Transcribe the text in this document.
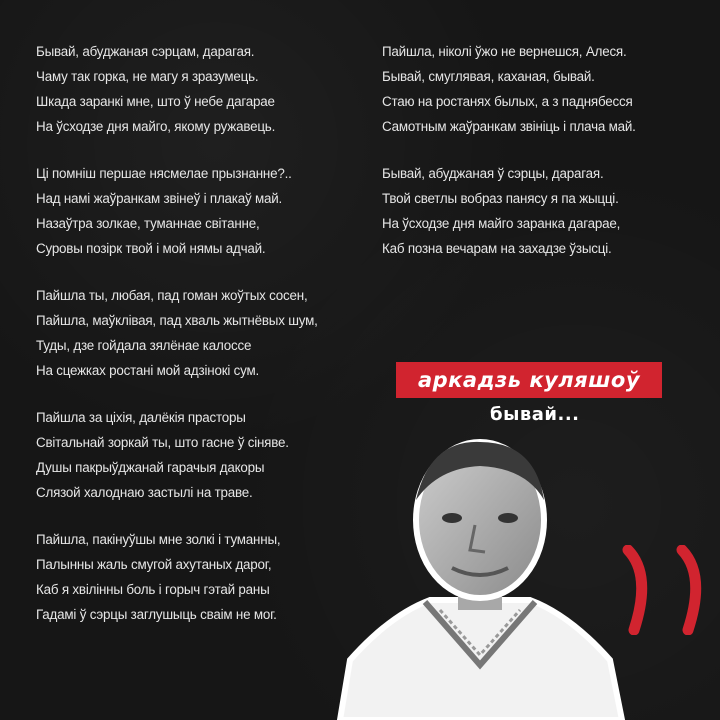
Бывай, абуджаная сэрцам, дарагая.
Чаму так горка, не магу я зразумець.
Шкада заранкі мне, што ў небе дагарае
На ўсходзе дня майго, якому ружавець.
Ці помніш першае нясмелае прызнанне?..
Над намі жаўранкам звінеў і плакаў май.
Назаўтра золкае, туманнае світанне,
Суровы позірк твой і мой нямы адчай.
Пайшла ты, любая, пад гоман жоўтых сосен,
Пайшла, маўклівая, пад хваль жытнёвых шум,
Туды, дзе гойдала зялёнае калоссе
На сцежках ростані мой адзінокі сум.
Пайшла за ціхія, далёкія прасторы
Світальнай зоркай ты, што гасне ў сіняве.
Душы пакрыўджанай гарачыя дакоры
Слязой халоднаю застылі на траве.
Пайшла, пакінуўшы мне золкі і туманны,
Палынны жаль смугой ахутаных дарог,
Каб я хвілінны боль і горыч гэтай раны
Гадамі ў сэрцы заглушыць сваім не мог.
Пайшла, ніколі ўжо не вернешся, Алеся.
Бывай, смуглявая, каханая, бывай.
Стаю на ростанях былых, а з паднябесся
Самотным жаўранкам звініць і плача май.
Бывай, абуджаная ў сэрцы, дарагая.
Твой светлы вобраз панясу я па жыцці.
На ўсходзе дня майго заранка дагарае,
Каб позна вечарам на захадзе ўзысці.
аркадзь куляшоў
бывай...
